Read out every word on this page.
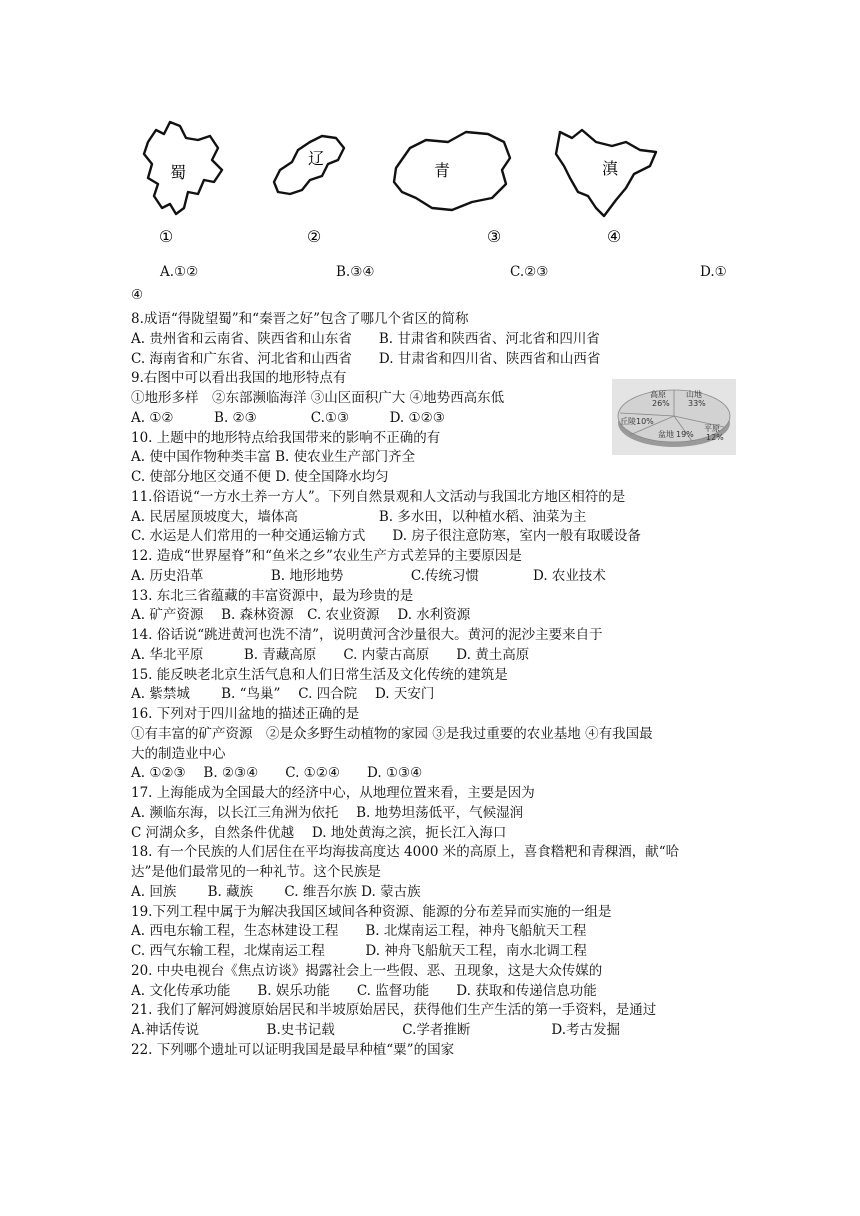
蜀
①
辽
②
青
③
滇
④
A.①②	B.③④	C.②③	D.①
④
高原
26%
山地
33%
平原
12%
盆地 19%
丘陵 10%
8.成语“得陇望蜀”和“秦晋之好”包含了哪几个省区的简称
A. 贵州省和云南省、陕西省和山东省　　B. 甘肃省和陕西省、河北省和四川省
C. 海南省和广东省、河北省和山西省　　D. 甘肃省和四川省、陕西省和山西省
9.右图中可以看出我国的地形特点有
①地形多样　②东部濒临海洋 ③山区面积广大 ④地势西高东低
A. ①②　　　B. ②③　　　　C.①③　　　D. ①②③
10. 上题中的地形特点给我国带来的影响不正确的有
A. 使中国作物种类丰富 B. 使农业生产部门齐全
C. 使部分地区交通不便 D. 使全国降水均匀
11.俗语说“一方水土养一方人”。下列自然景观和人文活动与我国北方地区相符的是
A. 民居屋顶坡度大，墙体高　　　　　　B. 多水田，以种植水稻、油菜为主
C. 水运是人们常用的一种交通运输方式　　D. 房子很注意防寒，室内一般有取暖设备
12. 造成“世界屋脊”和“鱼米之乡”农业生产方式差异的主要原因是
A. 历史沿革　　　　　B. 地形地势　　　　　C.传统习惯　　　　D. 农业技术
13. 东北三省蕴藏的丰富资源中，最为珍贵的是
A. 矿产资源　 B. 森林资源　C. 农业资源　 D. 水利资源
14. 俗话说“跳进黄河也洗不清”，说明黄河含沙量很大。黄河的泥沙主要来自于
A. 华北平原　　　B. 青藏高原　　C. 内蒙古高原　　D. 黄土高原
15. 能反映老北京生活气息和人们日常生活及文化传统的建筑是
A. 紫禁城　　 B. “鸟巢”　 C. 四合院　 D. 天安门
16. 下列对于四川盆地的描述正确的是
①有丰富的矿产资源　②是众多野生动植物的家园 ③是我过重要的农业基地 ④有我国最
大的制造业中心
A. ①②③　 B. ②③④　　C. ①②④　　D. ①③④
17. 上海能成为全国最大的经济中心，从地理位置来看，主要是因为
A. 濒临东海，以长江三角洲为依托　 B. 地势坦荡低平，气候湿润
C 河湖众多，自然条件优越　 D. 地处黄海之滨，扼长江入海口
18. 有一个民族的人们居住在平均海拔高度达 4000 米的高原上，喜食糌粑和青稞酒，献“哈
达”是他们最常见的一种礼节。这个民族是
A. 回族　　 B. 藏族　　 C. 维吾尔族 D. 蒙古族
19.下列工程中属于为解决我国区域间各种资源、能源的分布差异而实施的一组是
A. 西电东输工程，生态林建设工程　　B. 北煤南运工程，神舟飞船航天工程
C. 西气东输工程，北煤南运工程　　　D. 神舟飞船航天工程，南水北调工程
20. 中央电视台《焦点访谈》揭露社会上一些假、恶、丑现象，这是大众传媒的
A. 文化传承功能　　B. 娱乐功能　　C. 监督功能　　D. 获取和传递信息功能
21. 我们了解河姆渡原始居民和半坡原始居民，获得他们生产生活的第一手资料，是通过
A.神话传说　　　　　B.史书记载　　　　　C.学者推断　　　　　　D.考古发掘
22. 下列哪个遗址可以证明我国是最早种植“粟”的国家
